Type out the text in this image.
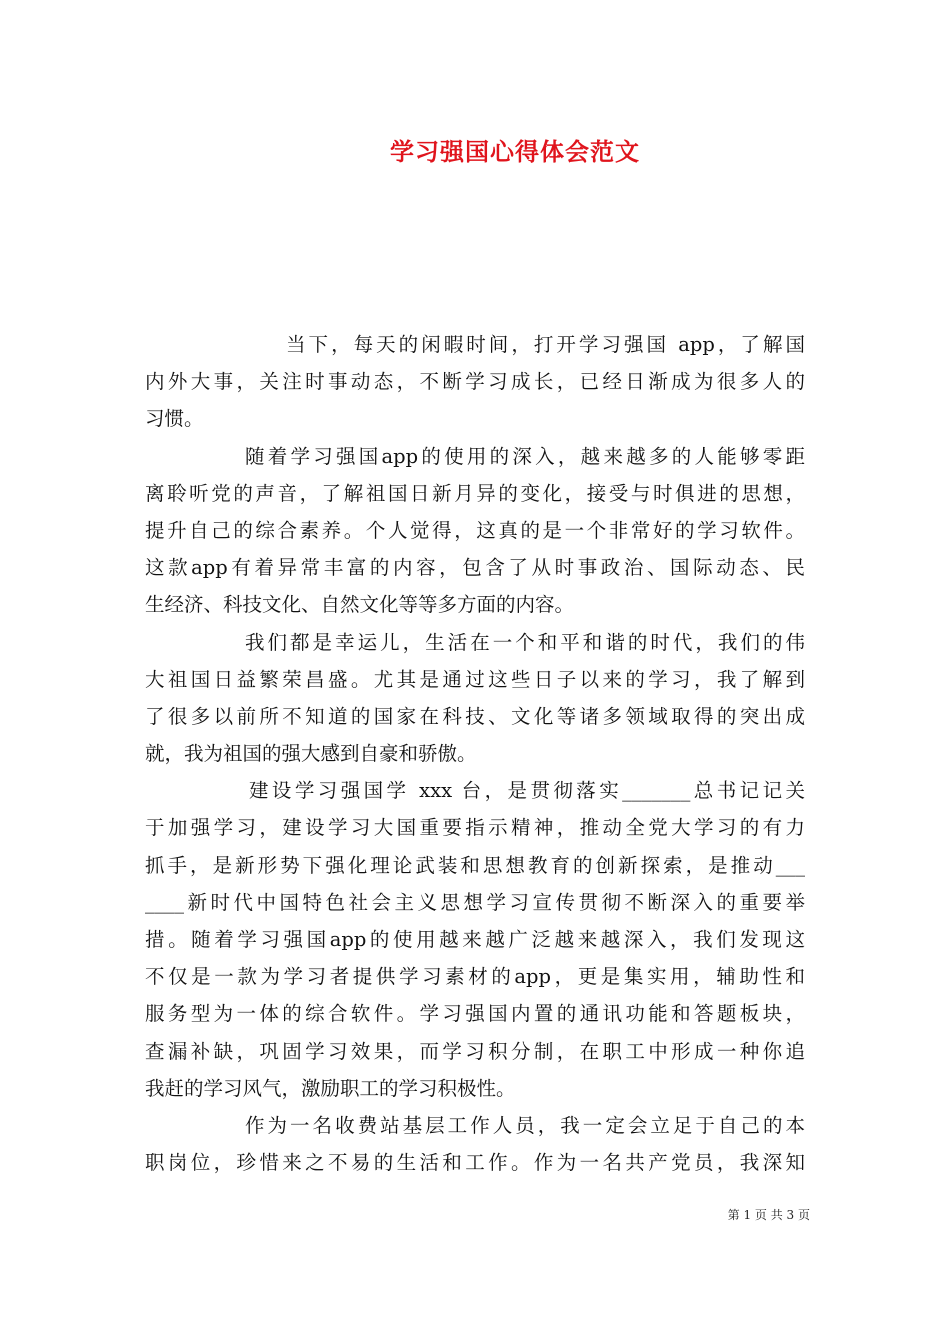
学习强国心得体会范文
当下，每天的闲暇时间，打开学习强国 app，了解国
内外大事，关注时事动态，不断学习成长，已经日渐成为很多人的
习惯。
随着学习强国app的使用的深入，越来越多的人能够零距
离聆听党的声音，了解祖国日新月异的变化，接受与时俱进的思想，
提升自己的综合素养。个人觉得，这真的是一个非常好的学习软件。
这款app有着异常丰富的内容，包含了从时事政治、国际动态、民
生经济、科技文化、自然文化等等多方面的内容。
我们都是幸运儿，生活在一个和平和谐的时代，我们的伟
大祖国日益繁荣昌盛。尤其是通过这些日子以来的学习，我了解到
了很多以前所不知道的国家在科技、文化等诸多领域取得的突出成
就，我为祖国的强大感到自豪和骄傲。
建设学习强国学 xxx 台，是贯彻落实_______总书记记关
于加强学习，建设学习大国重要指示精神，推动全党大学习的有力
抓手，是新形势下强化理论武装和思想教育的创新探索，是推动___
____新时代中国特色社会主义思想学习宣传贯彻不断深入的重要举
措。随着学习强国app的使用越来越广泛越来越深入，我们发现这
不仅是一款为学习者提供学习素材的app，更是集实用，辅助性和
服务型为一体的综合软件。学习强国内置的通讯功能和答题板块，
查漏补缺，巩固学习效果，而学习积分制，在职工中形成一种你追
我赶的学习风气，激励职工的学习积极性。
作为一名收费站基层工作人员，我一定会立足于自己的本
职岗位，珍惜来之不易的生活和工作。作为一名共产党员，我深知
第 1 页 共 3 页
